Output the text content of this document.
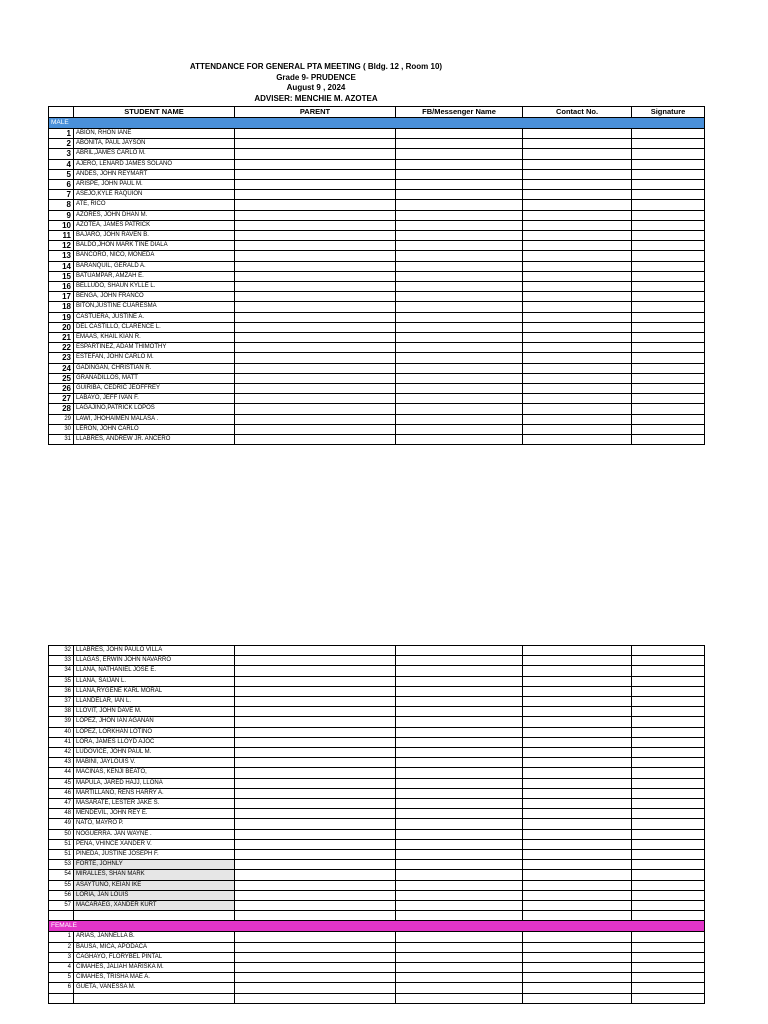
ATTENDANCE FOR GENERAL PTA MEETING ( Bldg. 12 , Room 10)
Grade 9- PRUDENCE
August 9 , 2024
ADVISER: MENCHIE M. AZOTEA
	STUDENT NAME	PARENT	FB/Messenger Name	Contact No.	Signature
MALE					
1	ABION, RHON IANE				
2	ABONITA, PAUL JAYSON				
3	ABRIL,JAMES CARLO M.				
4	AJERO, LENARD JAMES SOLANO				
5	ANDES, JOHN REYMART				
6	ARISPE, JOHN PAUL M.				
7	ASEJO,KYLE RAQUION				
8	ATE, RICO				
9	AZORES, JOHN DHAN M.				
10	AZOTEA, JAMES PATRICK				
11	BAJARO, JOHN RAVEN B.				
12	BALDO,JHON MARK TINE DIALA				
13	BANCORO, NICO, MONEDA				
14	BARANQUIL, GERALD A.				
15	BATUAMPAR, AMZAH E.				
16	BELLUDO, SHAUN KYLLE L.				
17	BENGA, JOHN FRANCO				
18	BITON,JUSTINE CUARESMA				
19	CASTUERA, JUSTINE A.				
20	DEL CASTILLO, CLARENCE L.				
21	EMAAS, KHAIL KIAN R.				
22	ESPARTINEZ, ADAM THIMOTHY				
23	ESTEFAN, JOHN CARLO M.				
24	GADINGAN, CHRISTIAN R.				
25	GRANADILLOS, MATT				
26	GUIRIBA, CEDRIC JEOFFREY				
27	LABAYO, JEFF IVAN F.				
28	LAGAJINO,PATRICK LOPOS				
29	LAWI, JHOHAIMEN MALASA .				
30	LERON, JOHN CARLO				
31	LLABRES, ANDREW JR. ANCERO				
32	LLABRES, JOHN PAULO VILLA				
33	LLAGAS, ERWIN JOHN NAVARRO				
34	LLANA, NATHANIEL JOSE E.				
35	LLANA, SAIJAN L.				
36	LLANA,RYGENE KARL MORAL				
37	LLANDELAR, IAN L.				
38	LLOVIT, JOHN DAVE M.				
39	LOPEZ, JHON IAN AGANAN				
40	LOPEZ, LORKHAN LOTINO				
41	LORA, JAMES LLOYD AJOC				
42	LUDOVICE, JOHN PAUL M.				
43	MABINI, JAYLOUIS V.				
44	MACINAS, KENJI BEATO,				
45	MAPULA, JARED HAJJ, LLONA				
46	MARTILLANO, RENS HARRY A.				
47	MASARATE, LESTER JAKE S.				
48	MENDEVIL, JOHN REY E.				
49	NATO, MAYRO P.				
50	NOGUERRA. JAN WAYNE .				
51	PEÑA, VHINCE XANDER V.				
51	PINEDA, JUSTINE JOSEPH F.				
53	FORTE, JOHNLY				
54	MIRALLES, SHAN MARK				
55	ASAYTUNO, KEIAN IKE				
56	LORIA, JAN LOUIS				
57	MACARAEG, XANDER KURT				

FEMALE					
1	ARIAS, JANNELLA B.				
2	BAUSA, MICA, APODACA				
3	CAGHAYO, FLORYBEL PINTAL				
4	CIMAHES, JALIAH MARISKA M.				
5	CIMAHES, TRISHA MAE A.				
6	GUETA, VANESSA M.				
